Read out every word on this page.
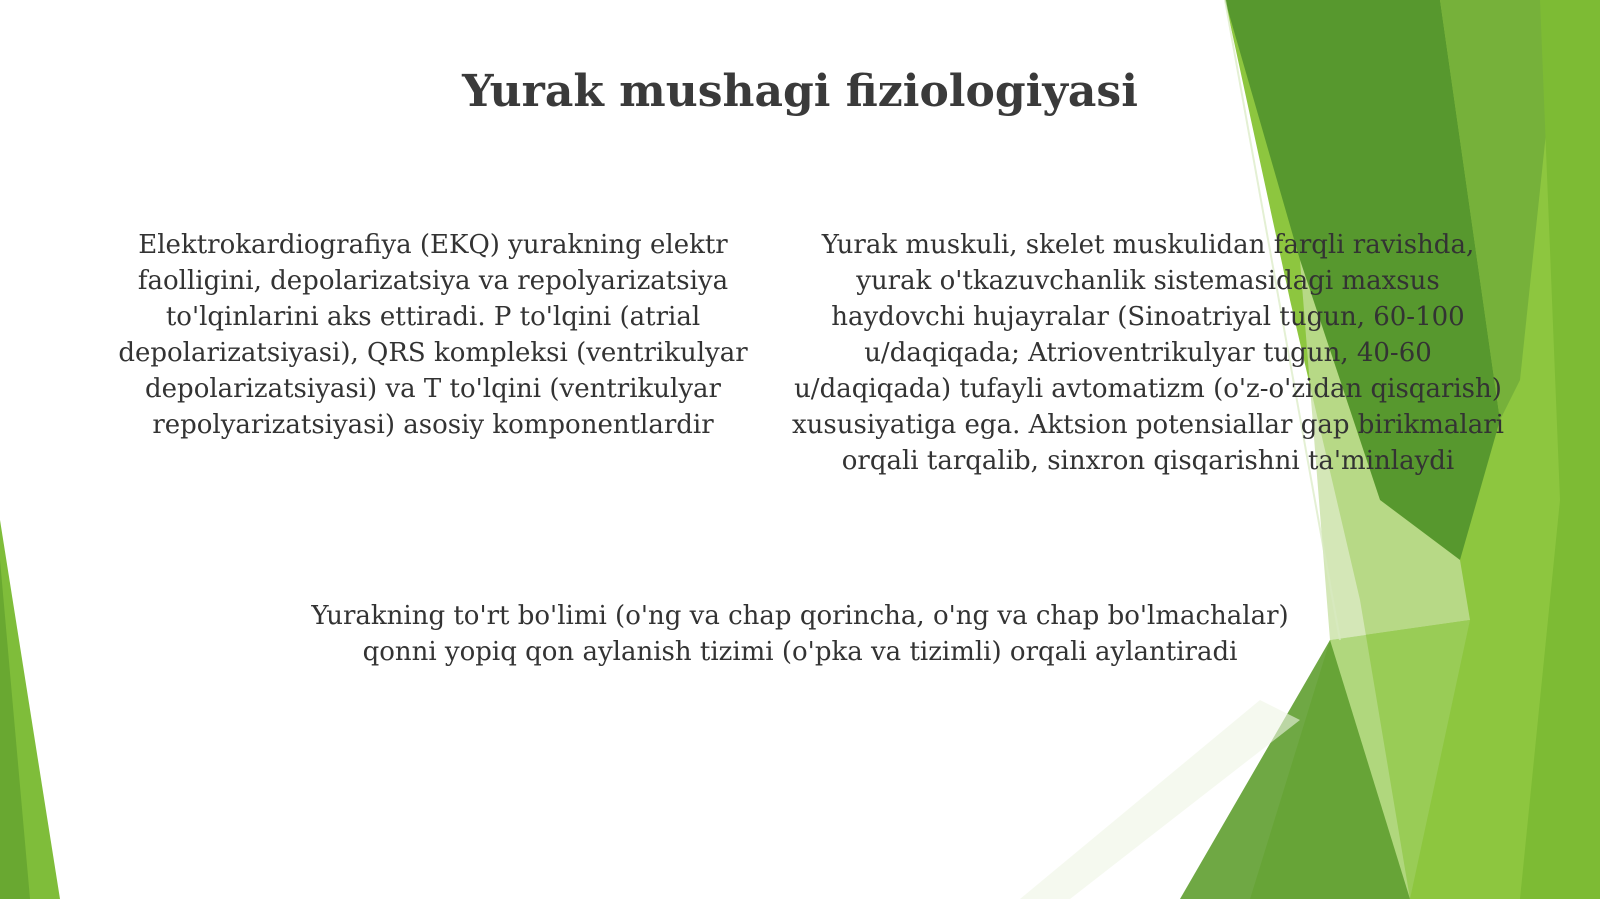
Yurak mushagi fiziologiyasi

Elektrokardiografiya (EKQ) yurakning elektr faolligini, depolarizatsiya va repolyarizatsiya to'lqinlarini aks ettiradi. P to'lqini (atrial depolarizatsiyasi), QRS kompleksi (ventrikulyar depolarizatsiyasi) va T to'lqini (ventrikulyar repolyarizatsiyasi) asosiy komponentlardir

Yurak muskuli, skelet muskulidan farqli ravishda, yurak o'tkazuvchanlik sistemasidagi maxsus haydovchi hujayralar (Sinoatriyal tugun, 60-100 u/daqiqada; Atrioventrikulyar tugun, 40-60 u/daqiqada) tufayli avtomatizm (o'z-o'zidan qisqarish) xususiyatiga ega. Aktsion potensiallar gap birikmalari orqali tarqalib, sinxron qisqarishni ta'minlaydi

Yurakning to'rt bo'limi (o'ng va chap qorincha, o'ng va chap bo'lmachalar) qonni yopiq qon aylanish tizimi (o'pka va tizimli) orqali aylantiradi
